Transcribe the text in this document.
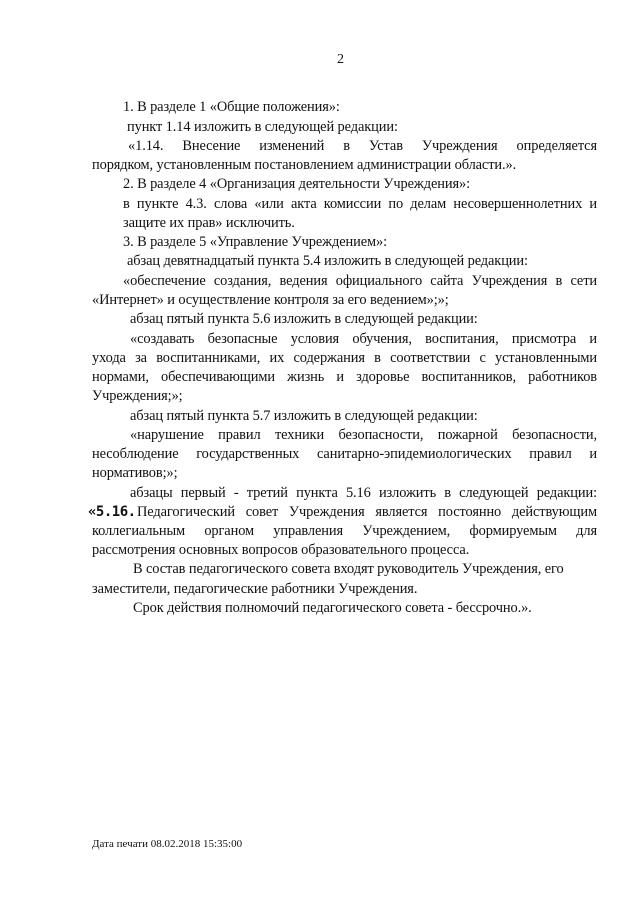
2
1. В разделе 1 «Общие положения»:
пункт 1.14 изложить в следующей редакции:
«1.14. Внесение изменений в Устав Учреждения определяется
порядком, установленным постановлением администрации области.».
2. В разделе 4 «Организация деятельности Учреждения»:
в пункте 4.3. слова «или акта комиссии по делам несовершеннолетних и
защите их прав» исключить.
3. В разделе 5 «Управление Учреждением»:
абзац девятнадцатый пункта 5.4 изложить в следующей редакции:
«обеспечение создания, ведения официального сайта Учреждения в сети
«Интернет» и осуществление контроля за его ведением»;»;
абзац пятый пункта 5.6 изложить в следующей редакции:
«создавать безопасные условия обучения, воспитания, присмотра и
ухода за воспитанниками, их содержания в соответствии с установленными
нормами, обеспечивающими жизнь и здоровье воспитанников, работников
Учреждения;»;
абзац пятый пункта 5.7 изложить в следующей редакции:
«нарушение правил техники безопасности, пожарной безопасности,
несоблюдение государственных санитарно-эпидемиологических правил и
нормативов;»;
абзацы первый - третий пункта 5.16 изложить в следующей редакции:
«5.16. Педагогический совет Учреждения является постоянно действующим
коллегиальным органом управления Учреждением, формируемым для
рассмотрения основных вопросов образовательного процесса.
В состав педагогического совета входят руководитель Учреждения, его
заместители, педагогические работники Учреждения.
Срок действия полномочий педагогического совета - бессрочно.».
Дата печати 08.02.2018 15:35:00
